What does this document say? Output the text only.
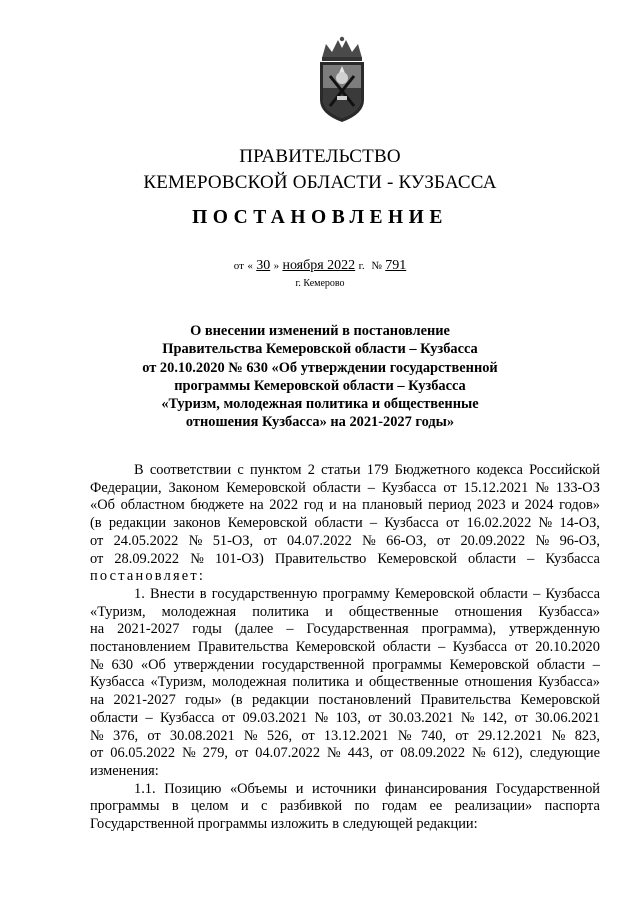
ПРАВИТЕЛЬСТВО
КЕМЕРОВСКОЙ ОБЛАСТИ - КУЗБАССА
ПОСТАНОВЛЕНИЕ
от « 30 » ноября 2022 г. № 791
г. Кемерово
О внесении изменений в постановление
Правительства Кемеровской области – Кузбасса
от 20.10.2020 № 630 «Об утверждении государственной
программы Кемеровской области – Кузбасса
«Туризм, молодежная политика и общественные
отношения Кузбасса» на 2021-2027 годы»
В соответствии с пунктом 2 статьи 179 Бюджетного кодекса Российской
Федерации, Законом Кемеровской области – Кузбасса от 15.12.2021 № 133-ОЗ
«Об областном бюджете на 2022 год и на плановый период 2023 и 2024 годов»
(в редакции законов Кемеровской области – Кузбасса от 16.02.2022 № 14-ОЗ,
от 24.05.2022 № 51-ОЗ, от 04.07.2022 № 66-ОЗ, от 20.09.2022 № 96-ОЗ,
от 28.09.2022 № 101-ОЗ) Правительство Кемеровской области – Кузбасса
постановляет:
1. Внести в государственную программу Кемеровской области – Кузбасса
«Туризм, молодежная политика и общественные отношения Кузбасса»
на 2021-2027 годы (далее – Государственная программа), утвержденную
постановлением Правительства Кемеровской области – Кузбасса от 20.10.2020
№ 630 «Об утверждении государственной программы Кемеровской области –
Кузбасса «Туризм, молодежная политика и общественные отношения Кузбасса»
на 2021-2027 годы» (в редакции постановлений Правительства Кемеровской
области – Кузбасса от 09.03.2021 № 103, от 30.03.2021 № 142, от 30.06.2021
№ 376, от 30.08.2021 № 526, от 13.12.2021 № 740, от 29.12.2021 № 823,
от 06.05.2022 № 279, от 04.07.2022 № 443, от 08.09.2022 № 612), следующие
изменения:
1.1. Позицию «Объемы и источники финансирования Государственной
программы в целом и с разбивкой по годам ее реализации» паспорта
Государственной программы изложить в следующей редакции:
